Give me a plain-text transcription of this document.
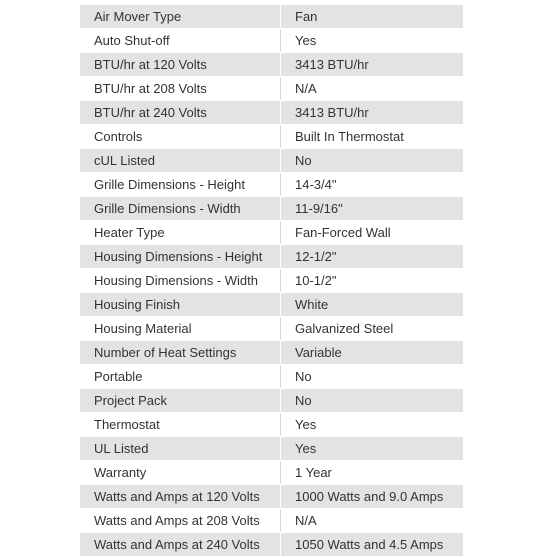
Air Mover Type	Fan
Auto Shut-off	Yes
BTU/hr at 120 Volts	3413 BTU/hr
BTU/hr at 208 Volts	N/A
BTU/hr at 240 Volts	3413 BTU/hr
Controls	Built In Thermostat
cUL Listed	No
Grille Dimensions - Height	14-3/4"
Grille Dimensions - Width	11-9/16"
Heater Type	Fan-Forced Wall
Housing Dimensions - Height	12-1/2"
Housing Dimensions - Width	10-1/2"
Housing Finish	White
Housing Material	Galvanized Steel
Number of Heat Settings	Variable
Portable	No
Project Pack	No
Thermostat	Yes
UL Listed	Yes
Warranty	1 Year
Watts and Amps at 120 Volts	1000 Watts and 9.0 Amps
Watts and Amps at 208 Volts	N/A
Watts and Amps at 240 Volts	1050 Watts and 4.5 Amps
